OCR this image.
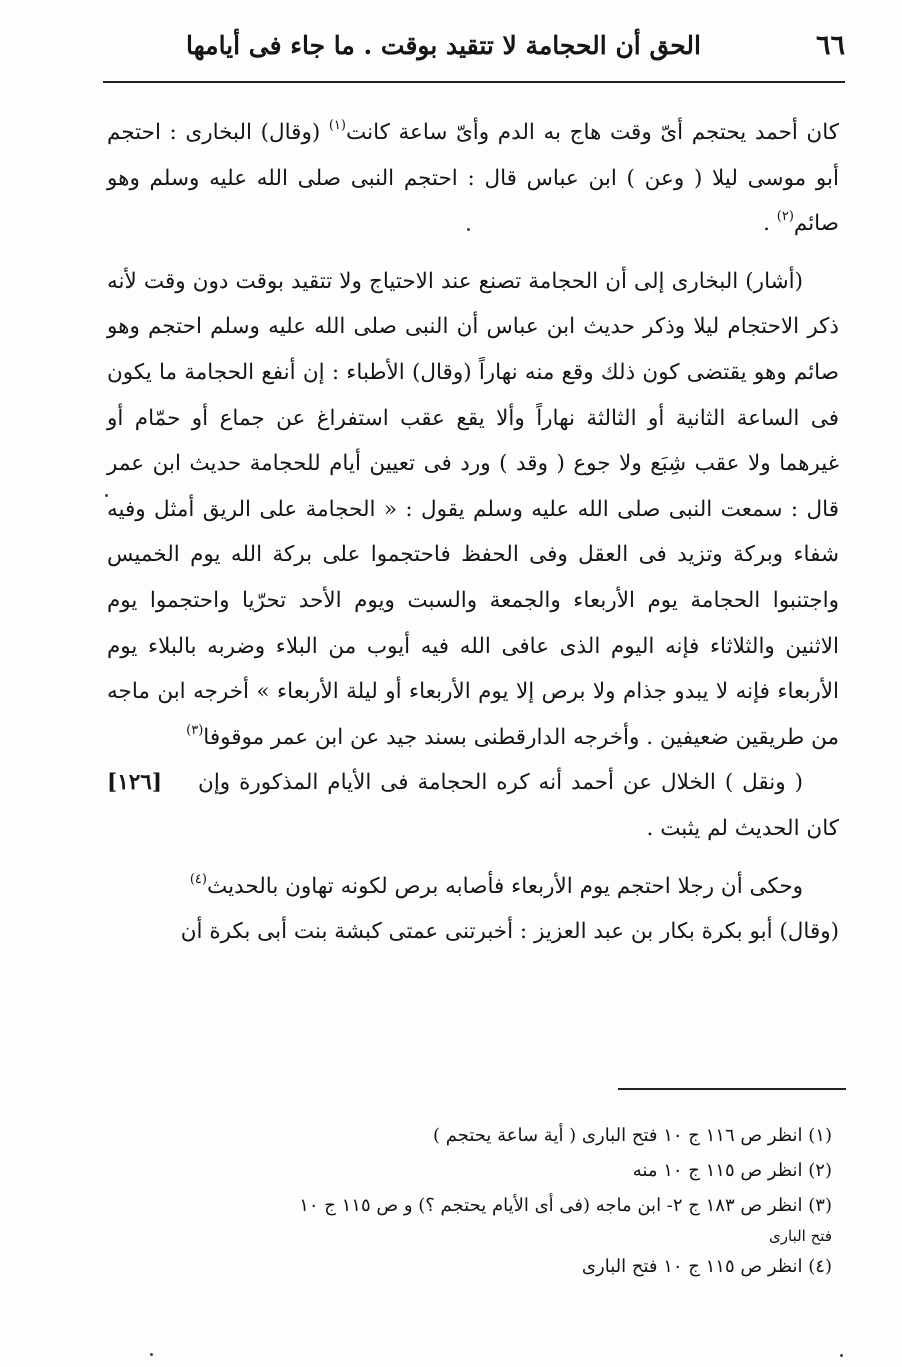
٦٦
الحق أن الحجامة لا تتقيد بوقت . ما جاء فى أيامها

كان أحمد يحتجم أىّ وقت هاج به الدم وأىّ ساعة كانت$^{(١)}$ (وقال) البخارى : احتجم أبو موسى ليلا ( وعن ) ابن عباس قال : احتجم النبى صلى الله عليه وسلم وهو صائم$^{(٢)}$ .

(أشار) البخارى إلى أن الحجامة تصنع عند الاحتياج ولا تتقيد بوقت دون وقت لأنه ذكر الاحتجام ليلا وذكر حديث ابن عباس أن النبى صلى الله عليه وسلم احتجم وهو صائم وهو يقتضى كون ذلك وقع منه نهاراً (وقال) الأطباء : إن أنفع الحجامة ما يكون فى الساعة الثانية أو الثالثة نهاراً وألا يقع عقب استفراغ عن جماع أو حمّام أو غيرهما ولا عقب شِبَع ولا جوع ( وقد ) ورد فى تعيين أيام للحجامة حديث ابن عمر قال : سمعت النبى صلى الله عليه وسلم يقول : « الحجامة على الريق أمثل وفيه شفاء وبركة وتزيد فى العقل وفى الحفظ فاحتجموا على بركة الله يوم الخميس واجتنبوا الحجامة يوم الأربعاء والجمعة والسبت ويوم الأحد تحرّيا واحتجموا يوم الاثنين والثلاثاء فإنه اليوم الذى عافى الله فيه أيوب من البلاء وضربه بالبلاء يوم الأربعاء فإنه لا يبدو جذام ولا برص إلا يوم الأربعاء أو ليلة الأربعاء » أخرجه ابن ماجه من طريقين ضعيفين . وأخرجه الدارقطنى بسند جيد عن ابن عمر موقوفا$^{(٣)}$
[١٢٦]	( ونقل ) الخلال عن أحمد أنه كره الحجامة فى الأيام المذكورة وإن كان الحديث لم يثبت .

وحكى أن رجلا احتجم يوم الأربعاء فأصابه برص لكونه تهاون بالحديث$^{(٤)}$

(وقال) أبو بكرة بكار بن عبد العزيز : أخبرتنى عمتى كبشة بنت أبى بكرة أن

(١) انظر ص ١١٦ ج ١٠ فتح البارى ( أية ساعة يحتجم )

(٢) انظر ص ١١٥ ج ١٠ منه

(٣) انظر ص ١٨٣ ج ٢- ابن ماجه (فى أى الأيام يحتجم ؟) و ص ١١٥ ج ١٠

فتح البارى

(٤) انظر ص ١١٥ ج ١٠ فتح البارى
